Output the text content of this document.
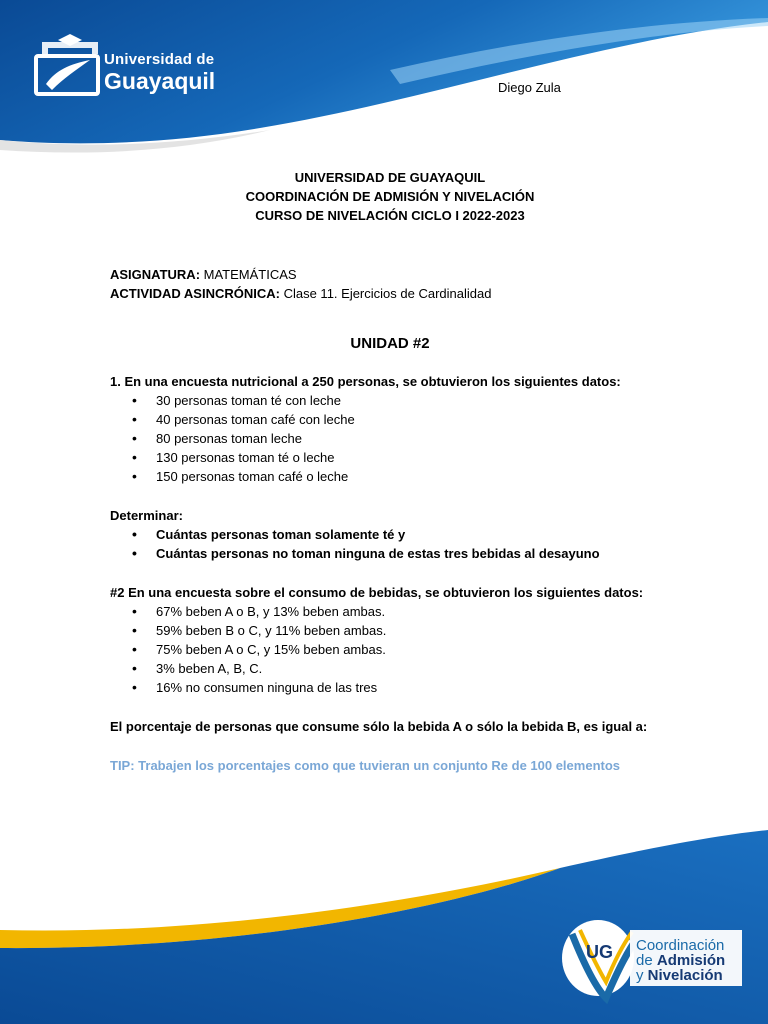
Universidad de
Guayaquil	Diego Zula
UNIVERSIDAD DE GUAYAQUIL
COORDINACIÓN DE ADMISIÓN Y NIVELACIÓN
CURSO DE NIVELACIÓN CICLO I 2022-2023
ASIGNATURA: MATEMÁTICAS
ACTIVIDAD ASINCRÓNICA: Clase 11. Ejercicios de Cardinalidad
UNIDAD #2
1. En una encuesta nutricional a 250 personas, se obtuvieron los siguientes datos:
• 30 personas toman té con leche
• 40 personas toman café con leche
• 80 personas toman leche
• 130 personas toman té o leche
• 150 personas toman café o leche
Determinar:
• Cuántas personas toman solamente té y
• Cuántas personas no toman ninguna de estas tres bebidas al desayuno
#2 En una encuesta sobre el consumo de bebidas, se obtuvieron los siguientes datos:
• 67% beben A o B, y 13% beben ambas.
• 59% beben B o C, y 11% beben ambas.
• 75% beben A o C, y 15% beben ambas.
• 3% beben A, B, C.
• 16% no consumen ninguna de las tres
El porcentaje de personas que consume sólo la bebida A o sólo la bebida B, es igual a:
TIP: Trabajen los porcentajes como que tuvieran un conjunto Re de 100 elementos
UG Coordinación
de Admisión
y Nivelación
